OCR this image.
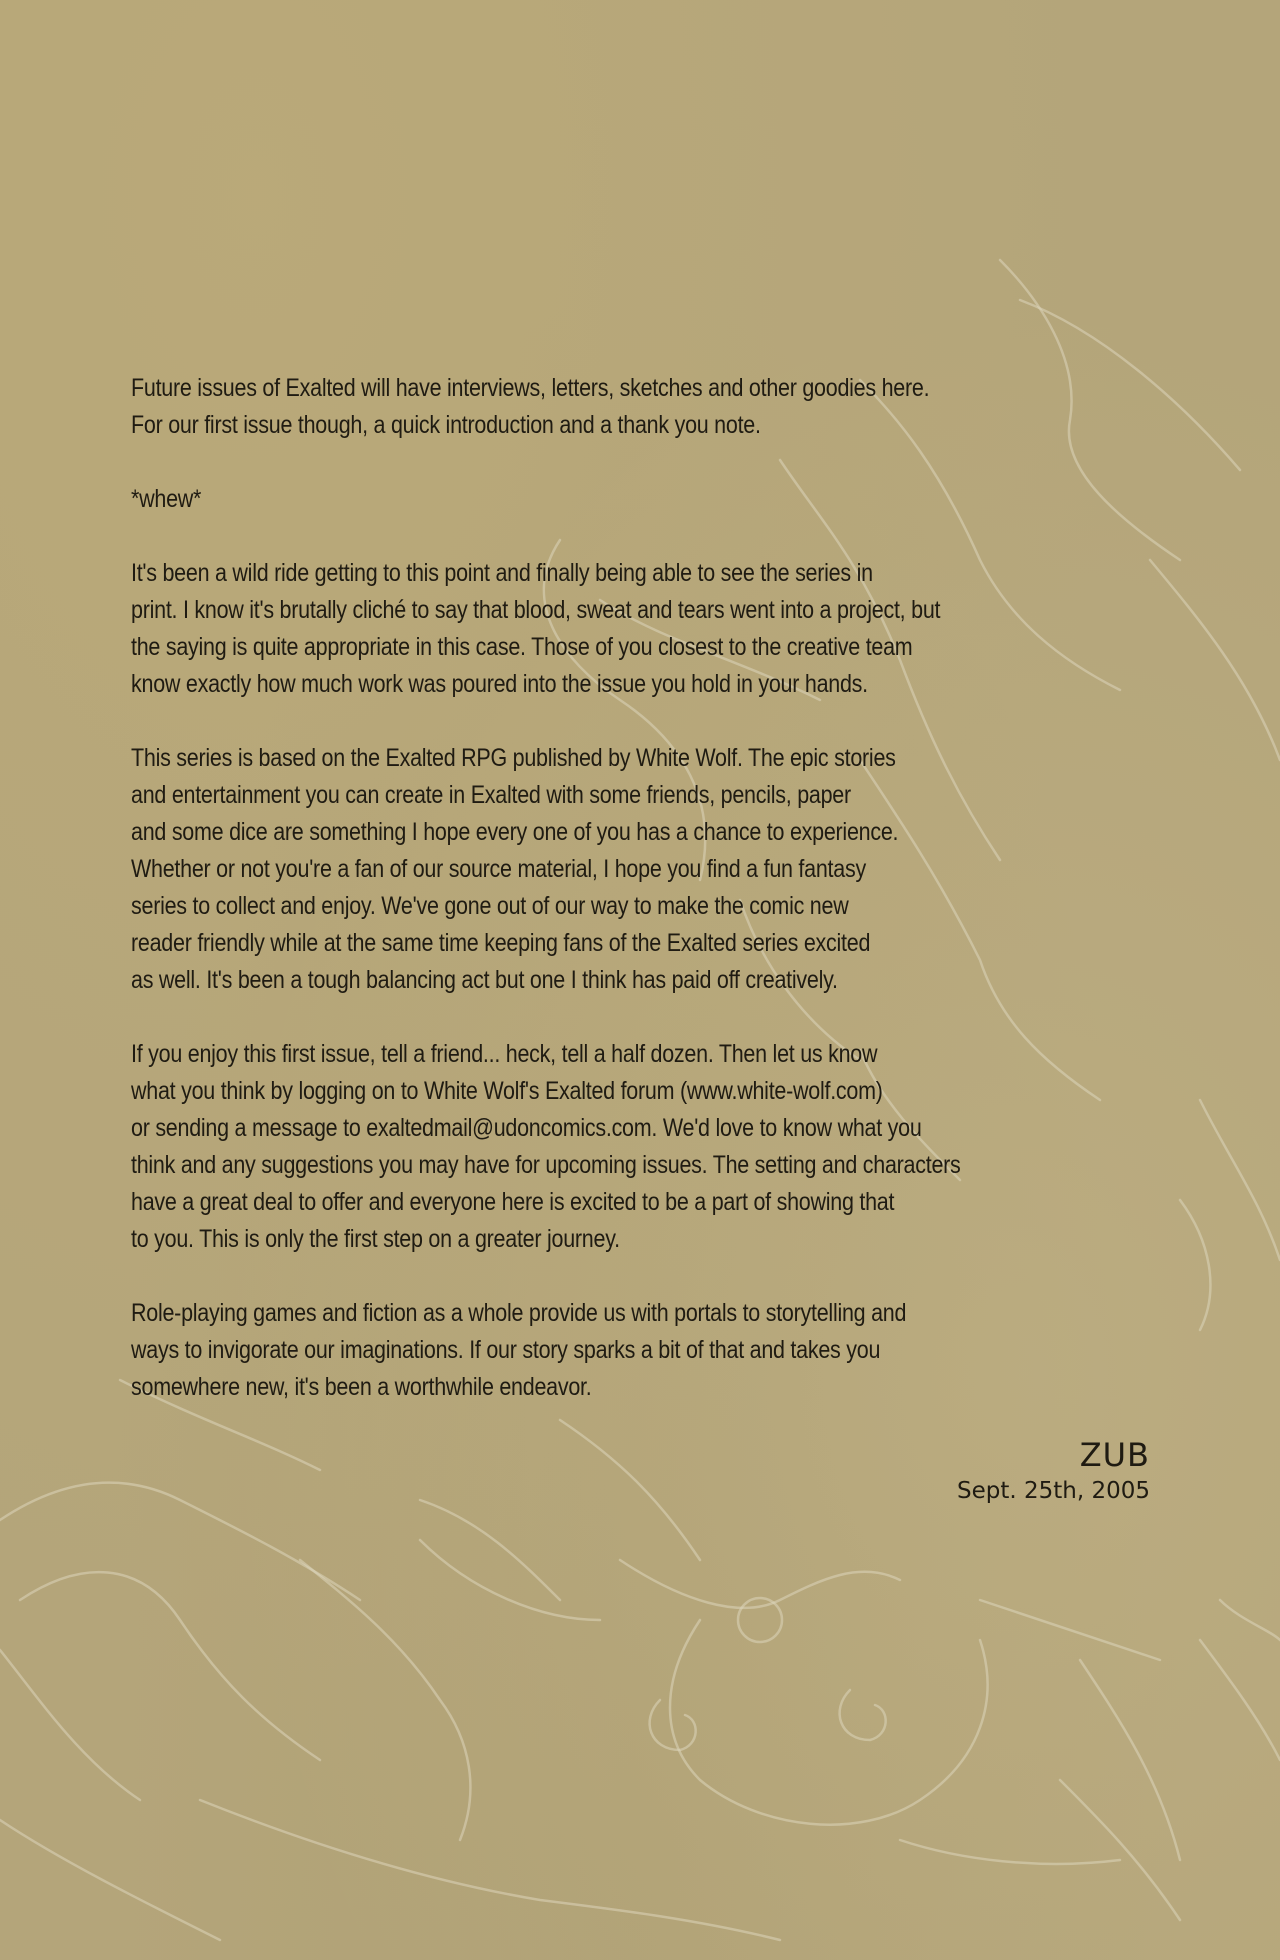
Future issues of Exalted will have interviews, letters, sketches and other goodies here.
For our first issue though, a quick introduction and a thank you note.

*whew*

It's been a wild ride getting to this point and finally being able to see the series in
print. I know it's brutally cliché to say that blood, sweat and tears went into a project, but
the saying is quite appropriate in this case. Those of you closest to the creative team
know exactly how much work was poured into the issue you hold in your hands.

This series is based on the Exalted RPG published by White Wolf. The epic stories
and entertainment you can create in Exalted with some friends, pencils, paper
and some dice are something I hope every one of you has a chance to experience.
Whether or not you're a fan of our source material, I hope you find a fun fantasy
series to collect and enjoy. We've gone out of our way to make the comic new
reader friendly while at the same time keeping fans of the Exalted series excited
as well. It's been a tough balancing act but one I think has paid off creatively.

If you enjoy this first issue, tell a friend... heck, tell a half dozen. Then let us know
what you think by logging on to White Wolf's Exalted forum (www.white-wolf.com)
or sending a message to exaltedmail@udoncomics.com. We'd love to know what you
think and any suggestions you may have for upcoming issues. The setting and characters
have a great deal to offer and everyone here is excited to be a part of showing that
to you. This is only the first step on a greater journey.

Role-playing games and fiction as a whole provide us with portals to storytelling and
ways to invigorate our imaginations. If our story sparks a bit of that and takes you
somewhere new, it's been a worthwhile endeavor.

ZUB
Sept. 25th, 2005
